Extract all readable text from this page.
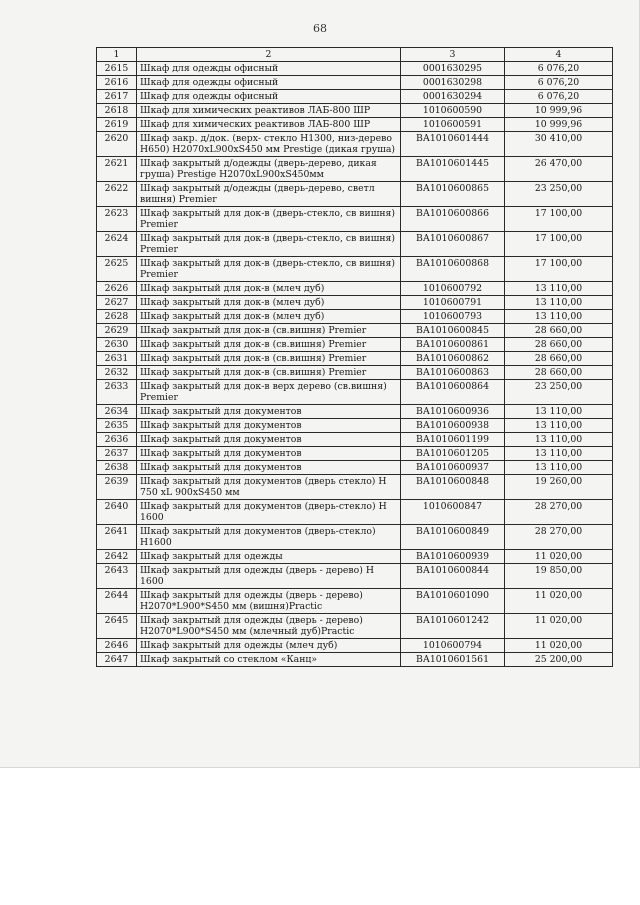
68
1	2	3	4
2615	Шкаф для одежды офисный	0001630295	6 076,20
2616	Шкаф для одежды офисный	0001630298	6 076,20
2617	Шкаф для одежды офисный	0001630294	6 076,20
2618	Шкаф для химических реактивов ЛАБ-800 ШР	1010600590	10 999,96
2619	Шкаф для химических реактивов ЛАБ-800 ШР	1010600591	10 999,96
2620	Шкаф закр. д/док. (верх- стекло Н1300, низ-дерево Н650) Н2070xL900xS450 мм Prestige (дикая груша)	ВА1010601444	30 410,00
2621	Шкаф закрытый д/одежды (дверь-дерево, дикая груша) Prestige Н2070xL900xS450мм	ВА1010601445	26 470,00
2622	Шкаф закрытый д/одежды (дверь-дерево, светл вишня) Premier	ВА1010600865	23 250,00
2623	Шкаф закрытый для док-в (дверь-стекло, св вишня) Premier	ВА1010600866	17 100,00
2624	Шкаф закрытый для док-в (дверь-стекло, св вишня) Premier	ВА1010600867	17 100,00
2625	Шкаф закрытый для док-в (дверь-стекло, св вишня) Premier	ВА1010600868	17 100,00
2626	Шкаф закрытый для док-в (млеч дуб)	1010600792	13 110,00
2627	Шкаф закрытый для док-в (млеч дуб)	1010600791	13 110,00
2628	Шкаф закрытый для док-в (млеч дуб)	1010600793	13 110,00
2629	Шкаф закрытый для док-в (св.вишня) Premier	ВА1010600845	28 660,00
2630	Шкаф закрытый для док-в (св.вишня) Premier	ВА1010600861	28 660,00
2631	Шкаф закрытый для док-в (св.вишня) Premier	ВА1010600862	28 660,00
2632	Шкаф закрытый для док-в (св.вишня) Premier	ВА1010600863	28 660,00
2633	Шкаф закрытый для док-в верх дерево (св.вишня) Premier	ВА1010600864	23 250,00
2634	Шкаф закрытый для документов	ВА1010600936	13 110,00
2635	Шкаф закрытый для документов	ВА1010600938	13 110,00
2636	Шкаф закрытый для документов	ВА1010601199	13 110,00
2637	Шкаф закрытый для документов	ВА1010601205	13 110,00
2638	Шкаф закрытый для документов	ВА1010600937	13 110,00
2639	Шкаф закрытый для документов (дверь стекло) Н 750 xL 900xS450 мм	ВА1010600848	19 260,00
2640	Шкаф закрытый для документов (дверь-стекло) Н 1600	1010600847	28 270,00
2641	Шкаф закрытый для документов (дверь-стекло) Н1600	ВА1010600849	28 270,00
2642	Шкаф закрытый для одежды	ВА1010600939	11 020,00
2643	Шкаф закрытый для одежды (дверь - дерево) Н 1600	ВА1010600844	19 850,00
2644	Шкаф закрытый для одежды (дверь - дерево) Н2070*L900*S450 мм (вишня)Practic	ВА1010601090	11 020,00
2645	Шкаф закрытый для одежды (дверь - дерево) Н2070*L900*S450 мм (млечный дуб)Practic	ВА1010601242	11 020,00
2646	Шкаф закрытый для одежды (млеч дуб)	1010600794	11 020,00
2647	Шкаф закрытый со стеклом «Канц»	ВА1010601561	25 200,00
